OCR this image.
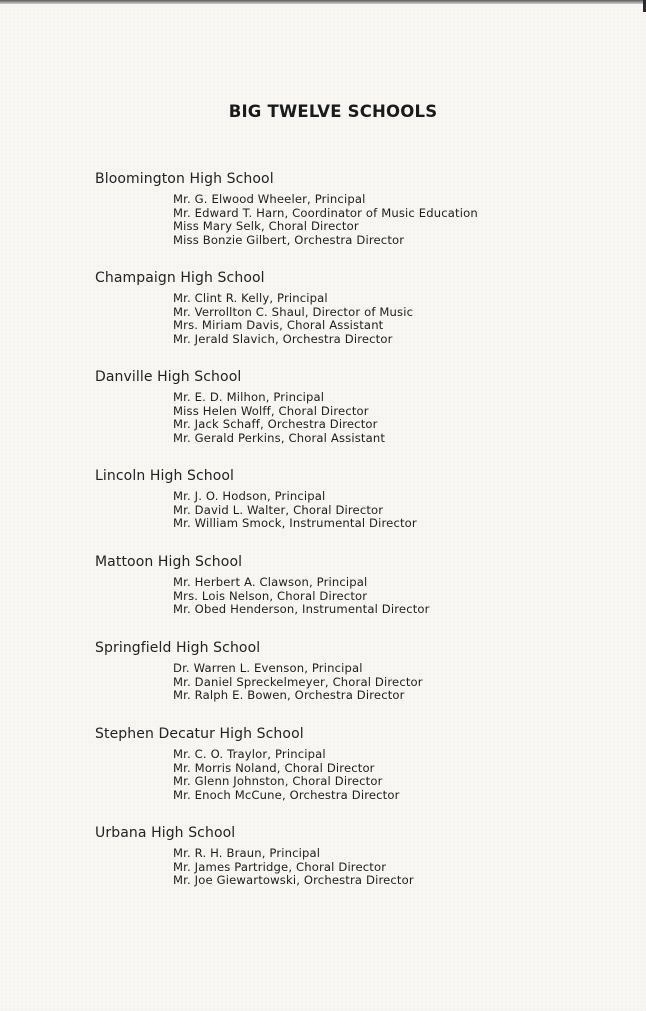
BIG TWELVE SCHOOLS
Bloomington High School
Mr. G. Elwood Wheeler, Principal
Mr. Edward T. Harn, Coordinator of Music Education
Miss Mary Selk, Choral Director
Miss Bonzie Gilbert, Orchestra Director
Champaign High School
Mr. Clint R. Kelly, Principal
Mr. Verrollton C. Shaul, Director of Music
Mrs. Miriam Davis, Choral Assistant
Mr. Jerald Slavich, Orchestra Director
Danville High School
Mr. E. D. Milhon, Principal
Miss Helen Wolff, Choral Director
Mr. Jack Schaff, Orchestra Director
Mr. Gerald Perkins, Choral Assistant
Lincoln High School
Mr. J. O. Hodson, Principal
Mr. David L. Walter, Choral Director
Mr. William Smock, Instrumental Director
Mattoon High School
Mr. Herbert A. Clawson, Principal
Mrs. Lois Nelson, Choral Director
Mr. Obed Henderson, Instrumental Director
Springfield High School
Dr. Warren L. Evenson, Principal
Mr. Daniel Spreckelmeyer, Choral Director
Mr. Ralph E. Bowen, Orchestra Director
Stephen Decatur High School
Mr. C. O. Traylor, Principal
Mr. Morris Noland, Choral Director
Mr. Glenn Johnston, Choral Director
Mr. Enoch McCune, Orchestra Director
Urbana High School
Mr. R. H. Braun, Principal
Mr. James Partridge, Choral Director
Mr. Joe Giewartowski, Orchestra Director
